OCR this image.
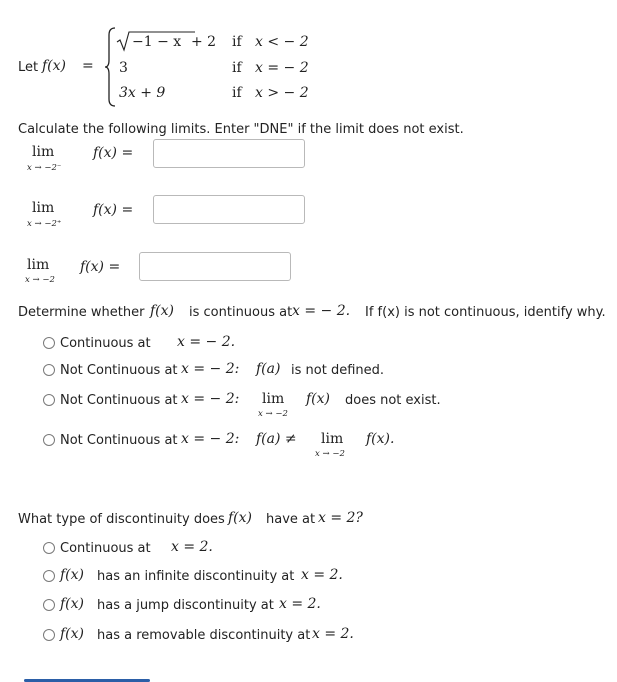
Let f(x) =
−1 − x + 2 if x < − 2
3	if x = − 2
3x + 9	if x > − 2
Calculate the following limits. Enter "DNE" if the limit does not exist.
lim
x → −2⁻
f(x) =
lim
x → −2⁺
f(x) =
lim
x → −2
f(x) =
Determine whether f(x) is continuous at x = − 2. If f(x) is not continuous, identify why.
Continuous at x = − 2.
Not Continuous at x = − 2: f(a) is not defined.
Not Continuous at x = − 2: lim
x → −2
f(x) does not exist.
Not Continuous at x = − 2: f(a) ≠ lim
x → −2
f(x).
What type of discontinuity does f(x) have at x = 2?
Continuous at x = 2.
f(x) has an infinite discontinuity at x = 2.
f(x) has a jump discontinuity at x = 2.
f(x) has a removable discontinuity at x = 2.
